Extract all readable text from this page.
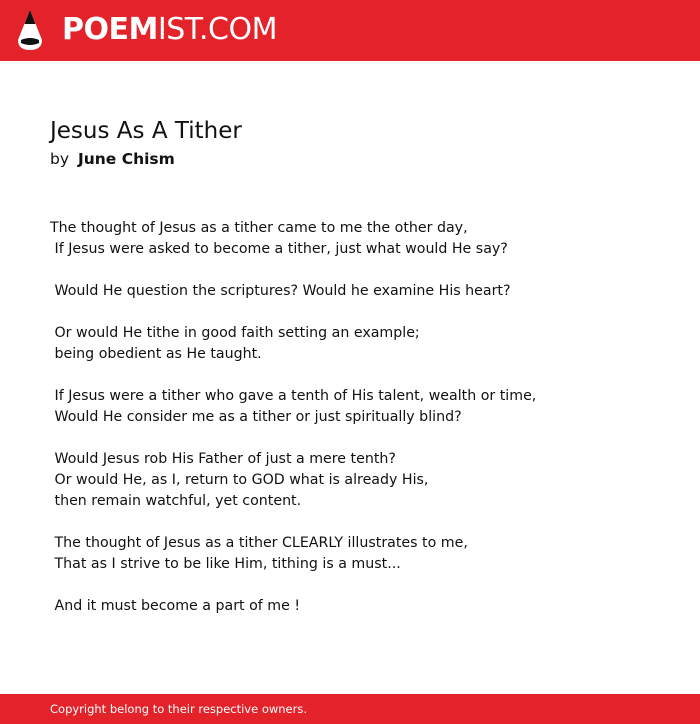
POEMIST.COM
Jesus As A Tither
by June Chism
The thought of Jesus as a tither came to me the other day,
If Jesus were asked to become a tither, just what would He say?
Would He question the scriptures? Would he examine His heart?
Or would He tithe in good faith setting an example;
being obedient as He taught.
If Jesus were a tither who gave a tenth of His talent, wealth or time,
Would He consider me as a tither or just spiritually blind?
Would Jesus rob His Father of just a mere tenth?
Or would He, as I, return to GOD what is already His,
then remain watchful, yet content.
The thought of Jesus as a tither CLEARLY illustrates to me,
That as I strive to be like Him, tithing is a must...
And it must become a part of me !
Copyright belong to their respective owners.
